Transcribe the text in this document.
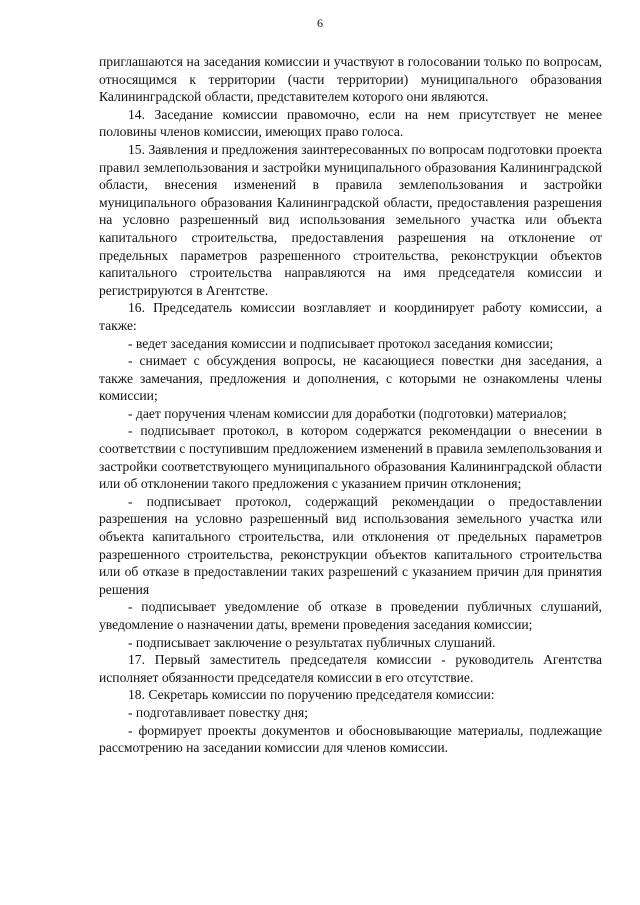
6

приглашаются на заседания комиссии и участвуют в голосовании только по вопросам, относящимся к территории (части территории) муниципального образования Калининградской области, представителем которого они являются.

14. Заседание комиссии правомочно, если на нем присутствует не менее половины членов комиссии, имеющих право голоса.

15. Заявления и предложения заинтересованных по вопросам подготовки проекта правил землепользования и застройки муниципального образования Калининградской области, внесения изменений в правила землепользования и застройки муниципального образования Калининградской области, предоставления разрешения на условно разрешенный вид использования земельного участка или объекта капитального строительства, предоставления разрешения на отклонение от предельных параметров разрешенного строительства, реконструкции объектов капитального строительства направляются на имя председателя комиссии и регистрируются в Агентстве.

16. Председатель комиссии возглавляет и координирует работу комиссии, а также:

- ведет заседания комиссии и подписывает протокол заседания комиссии;

- снимает с обсуждения вопросы, не касающиеся повестки дня заседания, а также замечания, предложения и дополнения, с которыми не ознакомлены члены комиссии;

- дает поручения членам комиссии для доработки (подготовки) материалов;

- подписывает протокол, в котором содержатся рекомендации о внесении в соответствии с поступившим предложением изменений в правила землепользования и застройки соответствующего муниципального образования Калининградской области или об отклонении такого предложения с указанием причин отклонения;

- подписывает протокол, содержащий рекомендации о предоставлении разрешения на условно разрешенный вид использования земельного участка или объекта капитального строительства, или отклонения от предельных параметров разрешенного строительства, реконструкции объектов капитального строительства или об отказе в предоставлении таких разрешений с указанием причин для принятия решения

- подписывает уведомление об отказе в проведении публичных слушаний, уведомление о назначении даты, времени проведения заседания комиссии;

- подписывает заключение о результатах публичных слушаний.

17. Первый заместитель председателя комиссии - руководитель Агентства исполняет обязанности председателя комиссии в его отсутствие.

18. Секретарь комиссии по поручению председателя комиссии:

- подготавливает повестку дня;

- формирует проекты документов и обосновывающие материалы, подлежащие рассмотрению на заседании комиссии для членов комиссии.
